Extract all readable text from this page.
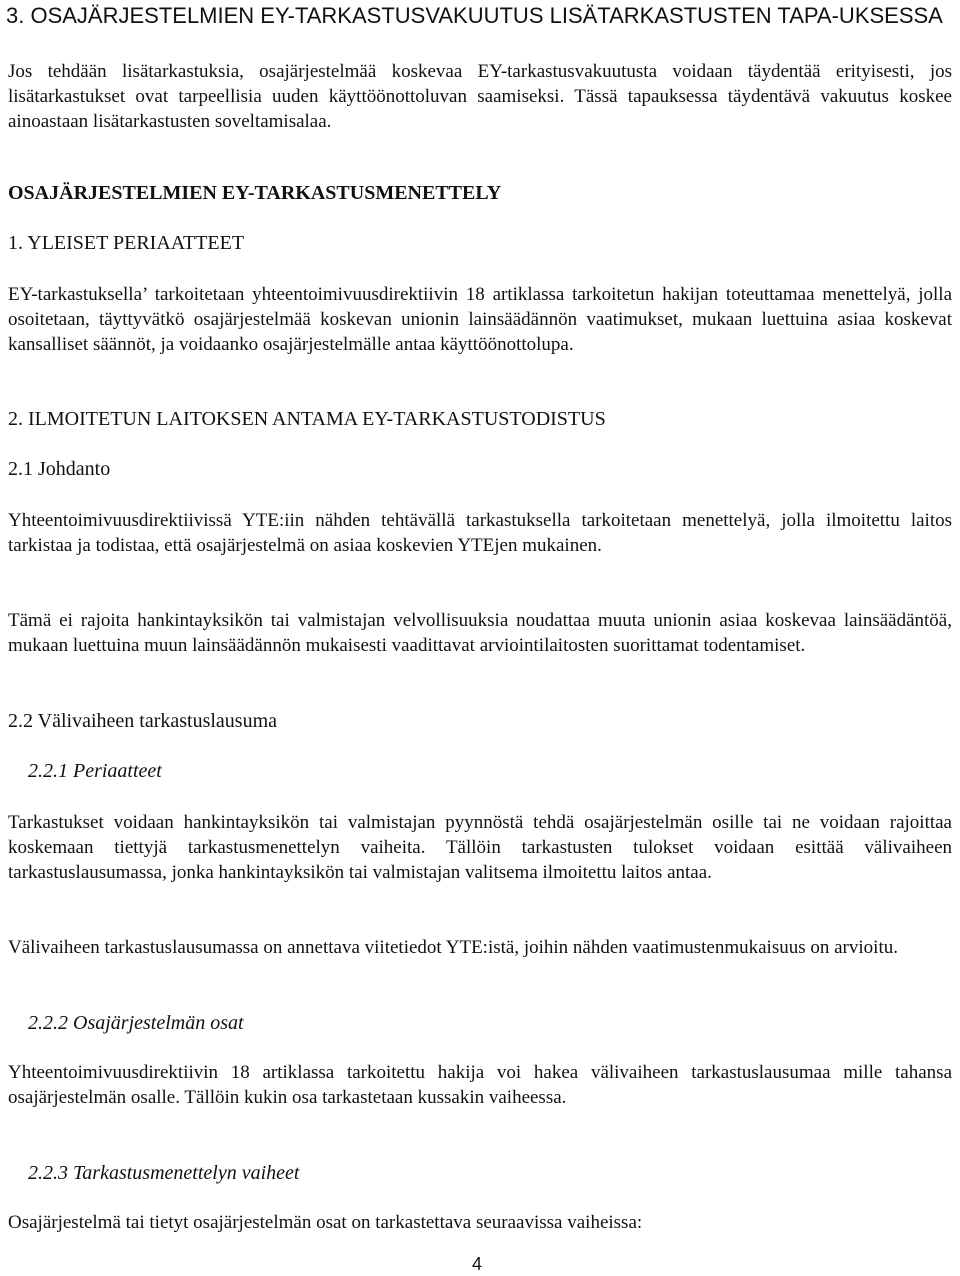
3. OSAJÄRJESTELMIEN EY-TARKASTUSVAKUUTUS LISÄTARKASTUSTEN TAPA-UKSESSA

Jos tehdään lisätarkastuksia, osajärjestelmää koskevaa EY-tarkastusvakuutusta voidaan täydentää erityisesti, jos lisätarkastukset ovat tarpeellisia uuden käyttöönottoluvan saamiseksi. Tässä tapauksessa täydentävä vakuutus koskee ainoastaan lisätarkastusten soveltamisalaa.

OSAJÄRJESTELMIEN EY-TARKASTUSMENETTELY
1. YLEISET PERIAATTEET

EY-tarkastuksella’ tarkoitetaan yhteentoimivuusdirektiivin 18 artiklassa tarkoitetun hakijan toteuttamaa menettelyä, jolla osoitetaan, täyttyvätkö osajärjestelmää koskevan unionin lainsäädännön vaatimukset, mukaan luettuina asiaa koskevat kansalliset säännöt, ja voidaanko osajärjestelmälle antaa käyttöönottolupa.

2. ILMOITETUN LAITOKSEN ANTAMA EY-TARKASTUSTODISTUS
2.1 Johdanto

Yhteentoimivuusdirektiivissä YTE:iin nähden tehtävällä tarkastuksella tarkoitetaan menettelyä, jolla ilmoitettu laitos tarkistaa ja todistaa, että osajärjestelmä on asiaa koskevien YTEjen mukainen.

Tämä ei rajoita hankintayksikön tai valmistajan velvollisuuksia noudattaa muuta unionin asiaa koskevaa lainsäädäntöä, mukaan luettuina muun lainsäädännön mukaisesti vaadittavat arviointilaitosten suorittamat todentamiset.

2.2 Välivaiheen tarkastuslausuma
2.2.1 Periaatteet

Tarkastukset voidaan hankintayksikön tai valmistajan pyynnöstä tehdä osajärjestelmän osille tai ne voidaan rajoittaa koskemaan tiettyjä tarkastusmenettelyn vaiheita. Tällöin tarkastusten tulokset voidaan esittää välivaiheen tarkastuslausumassa, jonka hankintayksikön tai valmistajan valitsema ilmoitettu laitos antaa.

Välivaiheen tarkastuslausumassa on annettava viitetiedot YTE:istä, joihin nähden vaatimustenmukaisuus on arvioitu.

2.2.2 Osajärjestelmän osat

Yhteentoimivuusdirektiivin 18 artiklassa tarkoitettu hakija voi hakea välivaiheen tarkastuslausumaa mille tahansa osajärjestelmän osalle. Tällöin kukin osa tarkastetaan kussakin vaiheessa.

2.2.3 Tarkastusmenettelyn vaiheet

Osajärjestelmä tai tietyt osajärjestelmän osat on tarkastettava seuraavissa vaiheissa:

4
